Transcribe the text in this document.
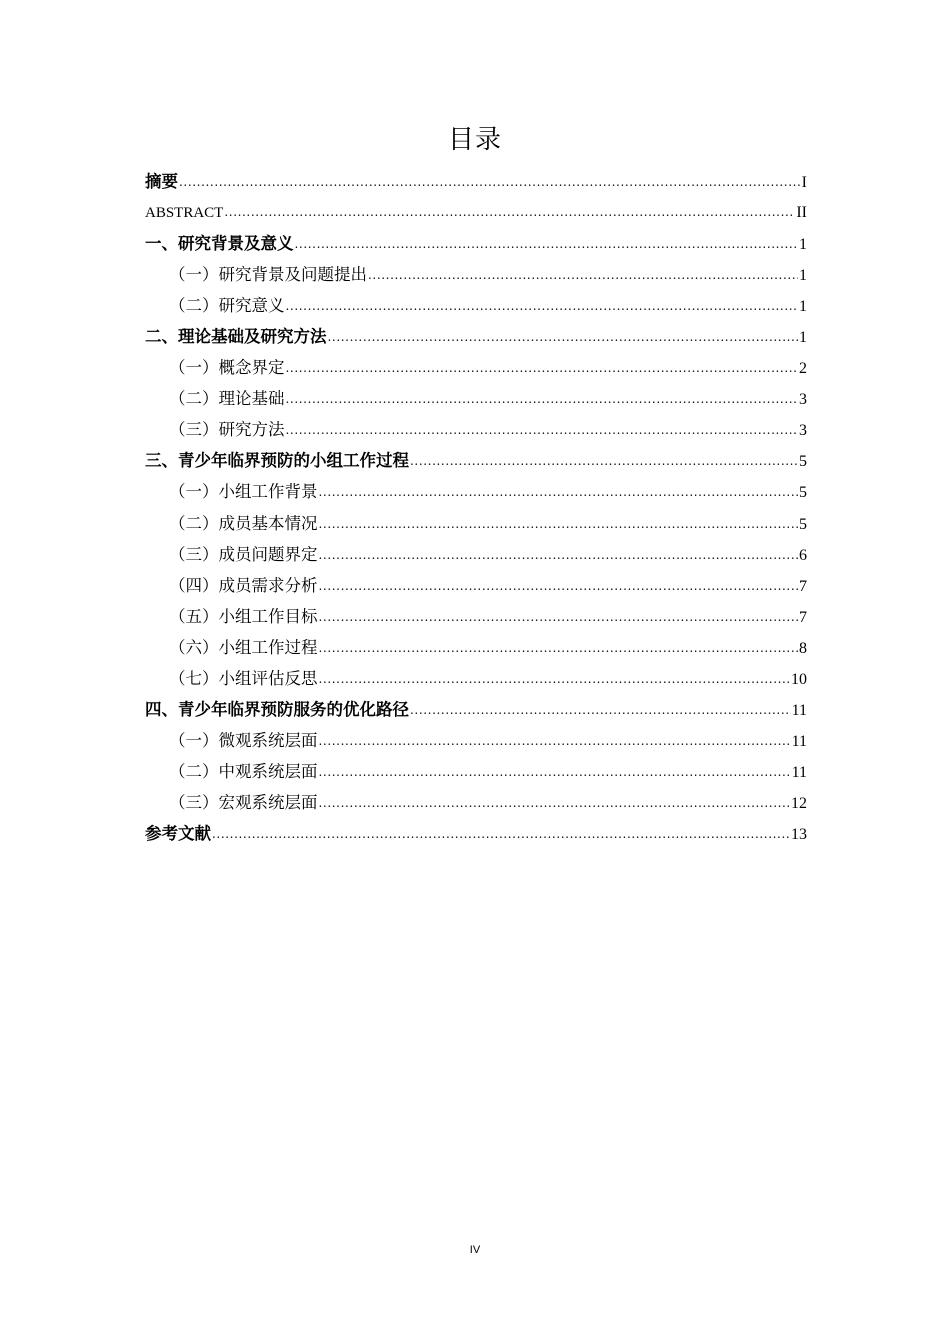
目录
摘要 .....	I
ABSTRACT .....	II
一、研究背景及意义 .....	1
（一）研究背景及问题提出 .....	1
（二）研究意义 .....	1
二、理论基础及研究方法 .....	1
（一）概念界定 .....	2
（二）理论基础 .....	3
（三）研究方法 .....	3
三、青少年临界预防的小组工作过程 .....	5
（一）小组工作背景 .....	5
（二）成员基本情况 .....	5
（三）成员问题界定 .....	6
（四）成员需求分析 .....	7
（五）小组工作目标 .....	7
（六）小组工作过程 .....	8
（七）小组评估反思 .....	10
四、青少年临界预防服务的优化路径 .....	11
（一）微观系统层面 .....	11
（二）中观系统层面 .....	11
（三）宏观系统层面 .....	12
参考文献 .....	13
IV
